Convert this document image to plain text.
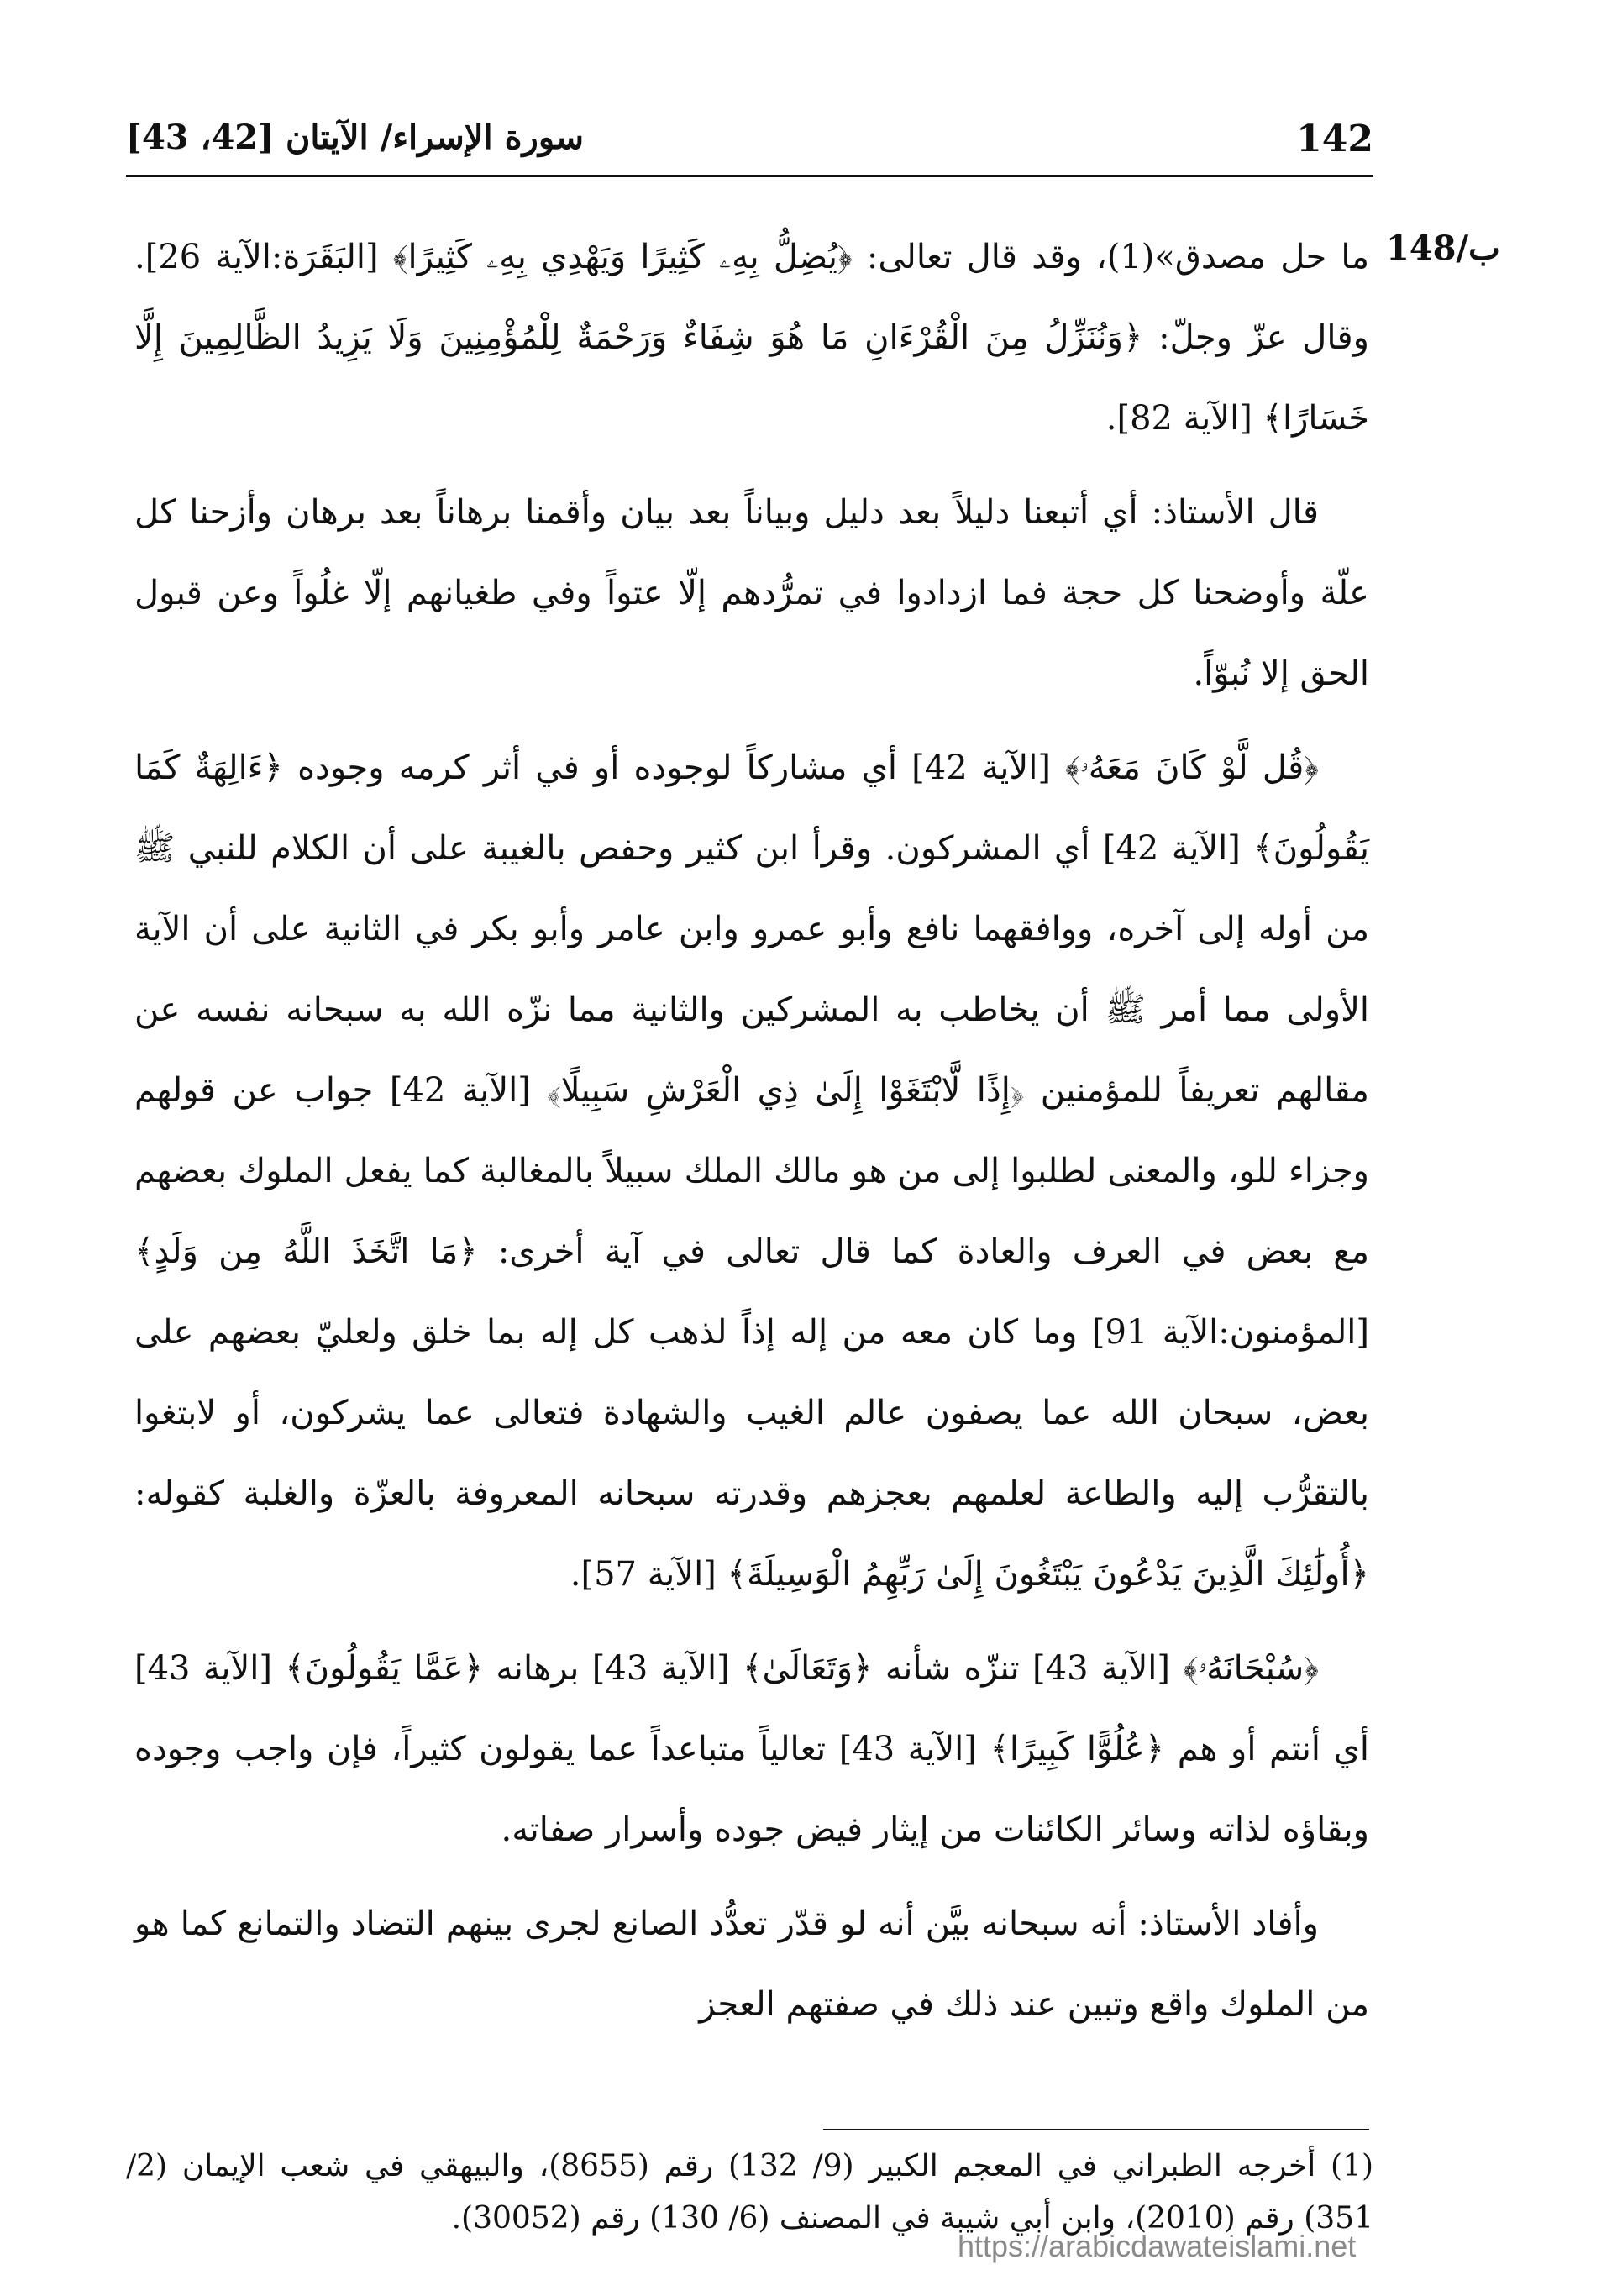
142
سورة الإسراء/ الآيتان [42، 43]
148/ب

ما حل مصدق»(1)، وقد قال تعالى: ﴿يُضِلُّ بِهِۦ كَثِيرًا وَيَهْدِي بِهِۦ كَثِيرًا﴾ [البَقَرَة:الآية 26]. وقال عزّ وجلّ: ﴿وَنُنَزِّلُ مِنَ الْقُرْءَانِ مَا هُوَ شِفَاءٌ وَرَحْمَةٌ لِلْمُؤْمِنِينَ وَلَا يَزِيدُ الظَّالِمِينَ إِلَّا خَسَارًا﴾ [الآية 82].

قال الأستاذ: أي أتبعنا دليلاً بعد دليل وبياناً بعد بيان وأقمنا برهاناً بعد برهان وأزحنا كل علّة وأوضحنا كل حجة فما ازدادوا في تمرُّدهم إلّا عتواً وفي طغيانهم إلّا غلُواً وعن قبول الحق إلا نُبوّاً.

﴿قُل لَّوْ كَانَ مَعَهُۥ﴾ [الآية 42] أي مشاركاً لوجوده أو في أثر كرمه وجوده ﴿ءَالِهَةٌ كَمَا يَقُولُونَ﴾ [الآية 42] أي المشركون. وقرأ ابن كثير وحفص بالغيبة على أن الكلام للنبي ﷺ من أوله إلى آخره، ووافقهما نافع وأبو عمرو وابن عامر وأبو بكر في الثانية على أن الآية الأولى مما أمر ﷺ أن يخاطب به المشركين والثانية مما نزّه الله به سبحانه نفسه عن مقالهم تعريفاً للمؤمنين ﴿إِذًا لَّابْتَغَوْا إِلَىٰ ذِي الْعَرْشِ سَبِيلًا﴾ [الآية 42] جواب عن قولهم وجزاء للو، والمعنى لطلبوا إلى من هو مالك الملك سبيلاً بالمغالبة كما يفعل الملوك بعضهم مع بعض في العرف والعادة كما قال تعالى في آية أخرى: ﴿مَا اتَّخَذَ اللَّهُ مِن وَلَدٍ﴾ [المؤمنون:الآية 91] وما كان معه من إله إذاً لذهب كل إله بما خلق ولعليّ بعضهم على بعض، سبحان الله عما يصفون عالم الغيب والشهادة فتعالى عما يشركون، أو لابتغوا بالتقرُّب إليه والطاعة لعلمهم بعجزهم وقدرته سبحانه المعروفة بالعزّة والغلبة كقوله: ﴿أُولَٰئِكَ الَّذِينَ يَدْعُونَ يَبْتَغُونَ إِلَىٰ رَبِّهِمُ الْوَسِيلَةَ﴾ [الآية 57].

﴿سُبْحَانَهُۥ﴾ [الآية 43] تنزّه شأنه ﴿وَتَعَالَىٰ﴾ [الآية 43] برهانه ﴿عَمَّا يَقُولُونَ﴾ [الآية 43] أي أنتم أو هم ﴿عُلُوًّا كَبِيرًا﴾ [الآية 43] تعالياً متباعداً عما يقولون كثيراً، فإن واجب وجوده وبقاؤه لذاته وسائر الكائنات من إيثار فيض جوده وأسرار صفاته.

وأفاد الأستاذ: أنه سبحانه بيَّن أنه لو قدّر تعدُّد الصانع لجرى بينهم التضاد والتمانع كما هو من الملوك واقع وتبين عند ذلك في صفتهم العجز

(1) أخرجه الطبراني في المعجم الكبير (9/ 132) رقم (8655)، والبيهقي في شعب الإيمان (2/ 351) رقم (2010)، وابن أبي شيبة في المصنف (6/ 130) رقم (30052).
https://arabicdawateislami.net
